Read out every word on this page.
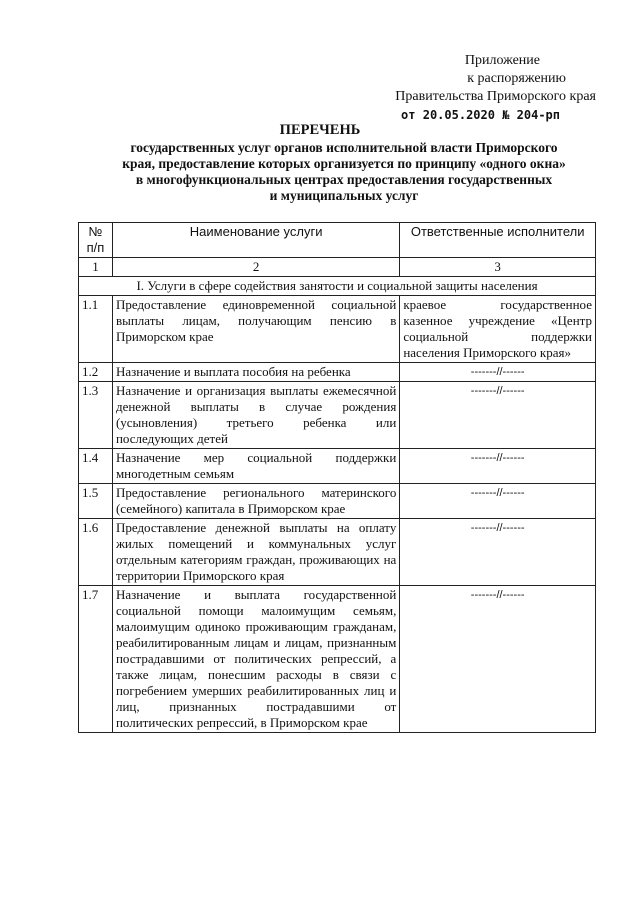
Приложение
к распоряжению
Правительства Приморского края
от 20.05.2020 № 204-рп
ПЕРЕЧЕНЬ
государственных услуг органов исполнительной власти Приморского
края, предоставление которых организуется по принципу «одного окна»
в многофункциональных центрах предоставления государственных
и муниципальных услуг
№ п/п	Наименование услуги	Ответственные исполнители
1	2	3
I. Услуги в сфере содействия занятости и социальной защиты населения		
1.1	Предоставление единовременной социальной выплаты лицам, получающим пенсию в Приморском крае	краевое государственное казенное учреждение «Центр социальной поддержки населения Приморского края»
1.2	Назначение и выплата пособия на ребенка	-------//------
1.3	Назначение и организация выплаты ежемесячной денежной выплаты в случае рождения (усыновления) третьего ребенка или последующих детей	-------//------
1.4	Назначение мер социальной поддержки многодетным семьям	-------//------
1.5	Предоставление регионального материнского (семейного) капитала в Приморском крае	-------//------
1.6	Предоставление денежной выплаты на оплату жилых помещений и коммунальных услуг отдельным категориям граждан, проживающих на территории Приморского края	-------//------
1.7	Назначение и выплата государственной социальной помощи малоимущим семьям, малоимущим одиноко проживающим гражданам, реабилитированным лицам и лицам, признанным пострадавшими от политических репрессий, а также лицам, понесшим расходы в связи с погребением умерших реабилитированных лиц и лиц, признанных пострадавшими от политических репрессий, в Приморском крае	-------//------
